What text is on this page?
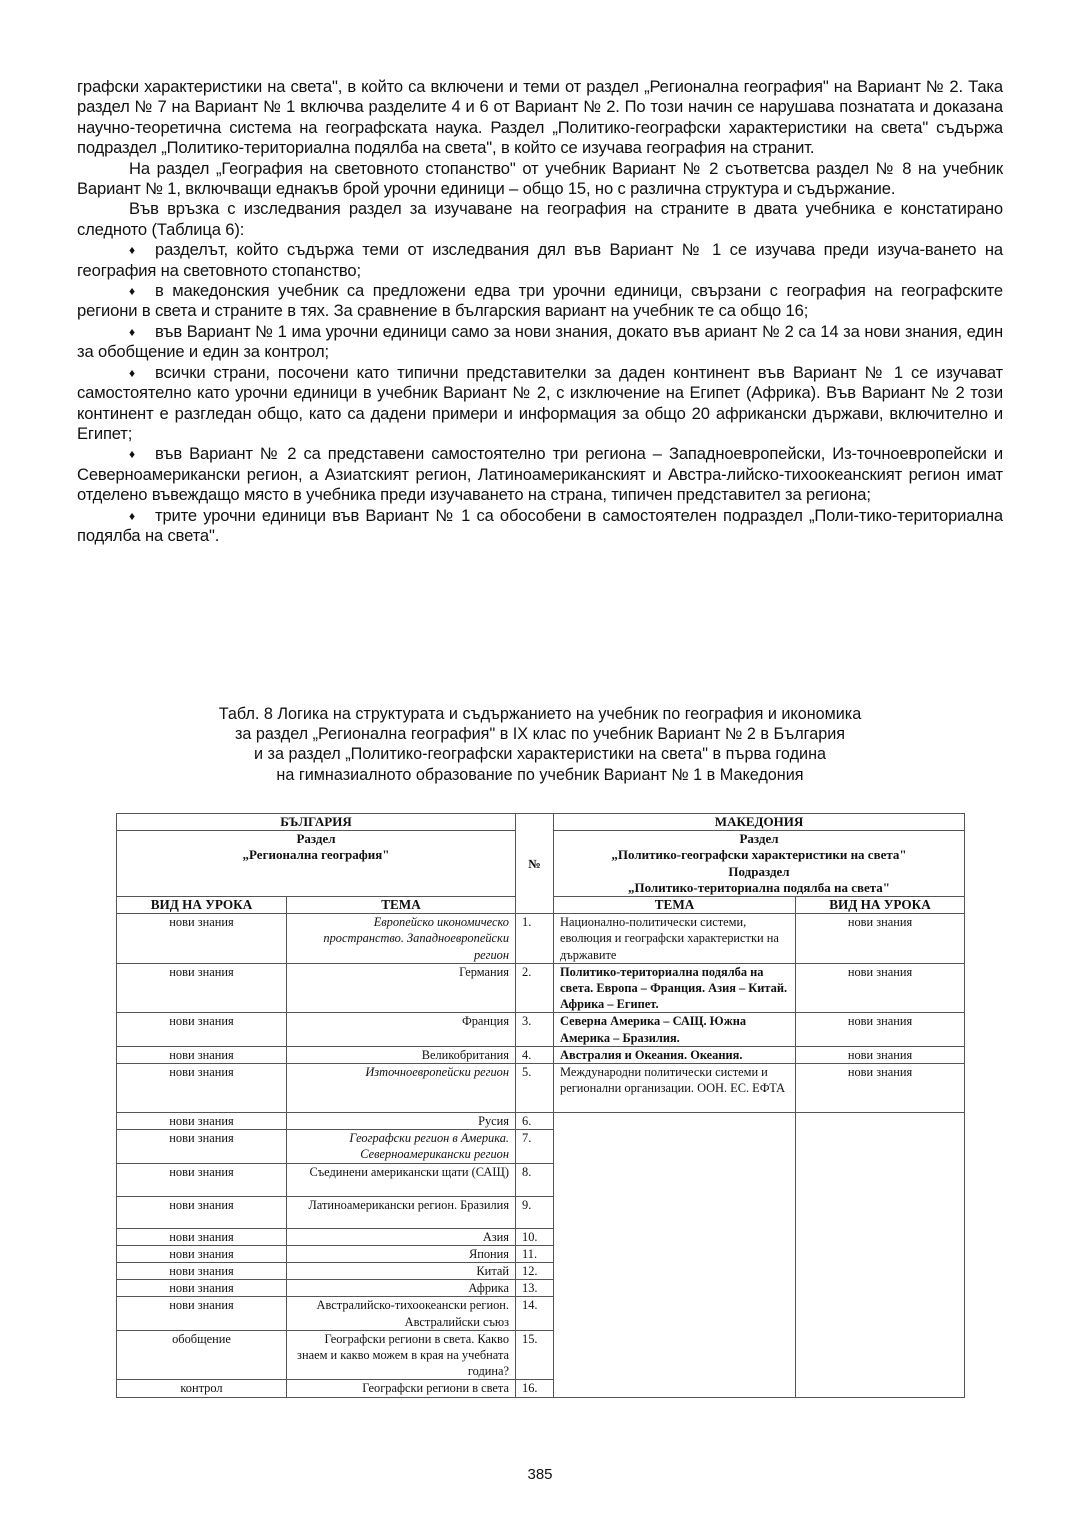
графски характеристики на света", в който са включени и теми от раздел „Регионална география" на Вариант № 2. Така раздел № 7 на Вариант № 1 включва разделите 4 и 6 от Вариант № 2. По този начин се нарушава познатата и доказана научно-теоретична система на географската наука. Раздел „Политико-географски характеристики на света" съдържа подраздел „Политико-териториална подялба на света", в който се изучава география на странит.

На раздел „География на световното стопанство" от учебник Вариант № 2 съответсва раздел № 8 на учебник Вариант № 1, включващи еднакъв брой урочни единици – общо 15, но с различна структура и съдържание.

Във връзка с изследвания раздел за изучаване на география на страните в двата учебника е констатирано следното (Таблица 6):

♦ разделът, който съдържа теми от изследвания дял във Вариант № 1 се изучава преди изуча-ването на география на световното стопанство;

♦ в македонския учебник са предложени едва три урочни единици, свързани с география на географските региони в света и страните в тях. За сравнение в българския вариант на учебник те са общо 16;

♦ във Вариант № 1 има урочни единици само за нови знания, докато във ариант № 2 са 14 за нови знания, един за обобщение и един за контрол;

♦ всички страни, посочени като типични представителки за даден континент във Вариант № 1 се изучават самостоятелно като урочни единици в учебник Вариант № 2, с изключение на Египет (Африка). Във Вариант № 2 този континент е разгледан общо, като са дадени примери и информация за общо 20 африкански държави, включително и Египет;

♦ във Вариант № 2 са представени самостоятелно три региона – Западноевропейски, Из-точноевропейски и Северноамерикански регион, а Азиатският регион, Латиноамериканският и Австра-лийско-тихоокеанският регион имат отделено въвеждащо място в учебника преди изучаването на страна, типичен представител за региона;

♦ трите урочни единици във Вариант № 1 са обособени в самостоятелен подраздел „Поли-тико-териториална подялба на света".

Табл. 8 Логика на структурата и съдържанието на учебник по география и икономика
за раздел „Регионална география" в IX клас по учебник Вариант № 2 в България
и за раздел „Политико-географски характеристики на света" в първа година
на гимназиалното образование по учебник Вариант № 1 в Македония
БЪЛГАРИЯ		№	МАКЕДОНИЯ	

Раздел
„Регионална география"

Раздел
„Политико-географски характеристики на света"
Подраздел
„Политико-териториална подялба на света"

ВИД НА УРОКА	ТЕМА		ТЕМА	ВИД НА УРОКА
нови знания	Европейско икономическо пространство. Западноевропейски регион	1.	Национално-политически системи, еволюция и географски характеристки на държавите	нови знания
нови знания	Германия	2.	Политико-териториална подялба на света. Европа – Франция. Азия – Китай. Африка – Египет.	нови знания
нови знания	Франция	3.	Северна Америка – САЩ. Южна Америка – Бразилия.	нови знания
нови знания	Великобритания	4.	Австралия и Океания. Океания.	нови знания
нови знания	Източноевропейски регион	5.	Международни политически системи и регионални организации. ООН. ЕС. ЕФТА	нови знания
нови знания	Русия	6.		
нови знания	Географски регион в Америка. Северноамерикански регион	7.		
нови знания	Съединени американски щати (САЩ)	8.		
нови знания	Латиноамерикански регион. Бразилия	9.		
нови знания	Азия	10.		
нови знания	Япония	11.		
нови знания	Китай	12.		
нови знания	Африка	13.		
нови знания	Австралийско-тихоокеански регион. Австралийски съюз	14.		
обобщение	Географски региони в света. Какво знаем и какво можем в края на учебната година?	15.		
контрол	Географски региони в света	16.		
385
